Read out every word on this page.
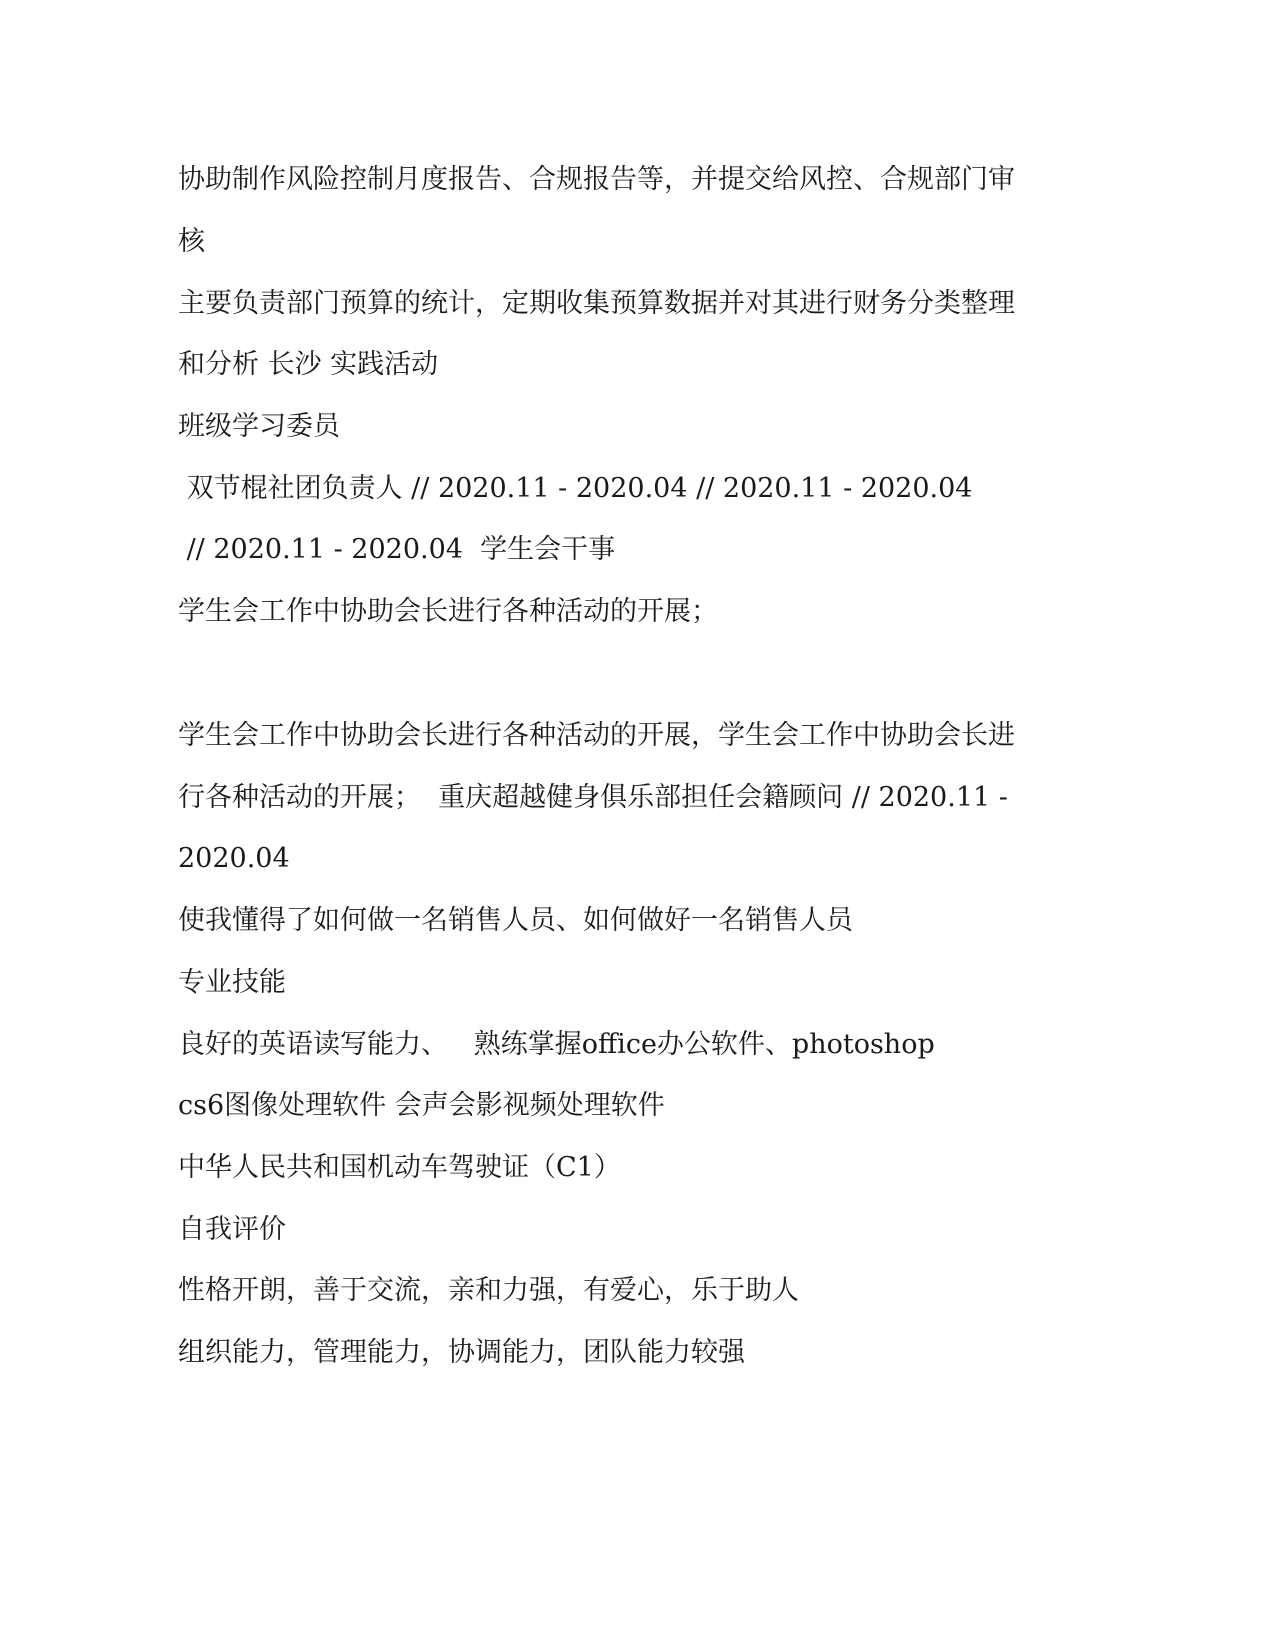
协助制作风险控制月度报告、合规报告等，并提交给风控、合规部门审
核
主要负责部门预算的统计，定期收集预算数据并对其进行财务分类整理
和分析 长沙 实践活动
班级学习委员
双节棍社团负责人 // 2020.11 - 2020.04 // 2020.11 - 2020.04
// 2020.11 - 2020.04  学生会干事
学生会工作中协助会长进行各种活动的开展；
学生会工作中协助会长进行各种活动的开展，学生会工作中协助会长进
行各种活动的开展；  重庆超越健身俱乐部担任会籍顾问 // 2020.11 -
2020.04
使我懂得了如何做一名销售人员、如何做好一名销售人员
专业技能
良好的英语读写能力、   熟练掌握office办公软件、photoshop
cs6图像处理软件 会声会影视频处理软件
中华人民共和国机动车驾驶证（C1）
自我评价
性格开朗，善于交流，亲和力强，有爱心，乐于助人
组织能力，管理能力，协调能力，团队能力较强
